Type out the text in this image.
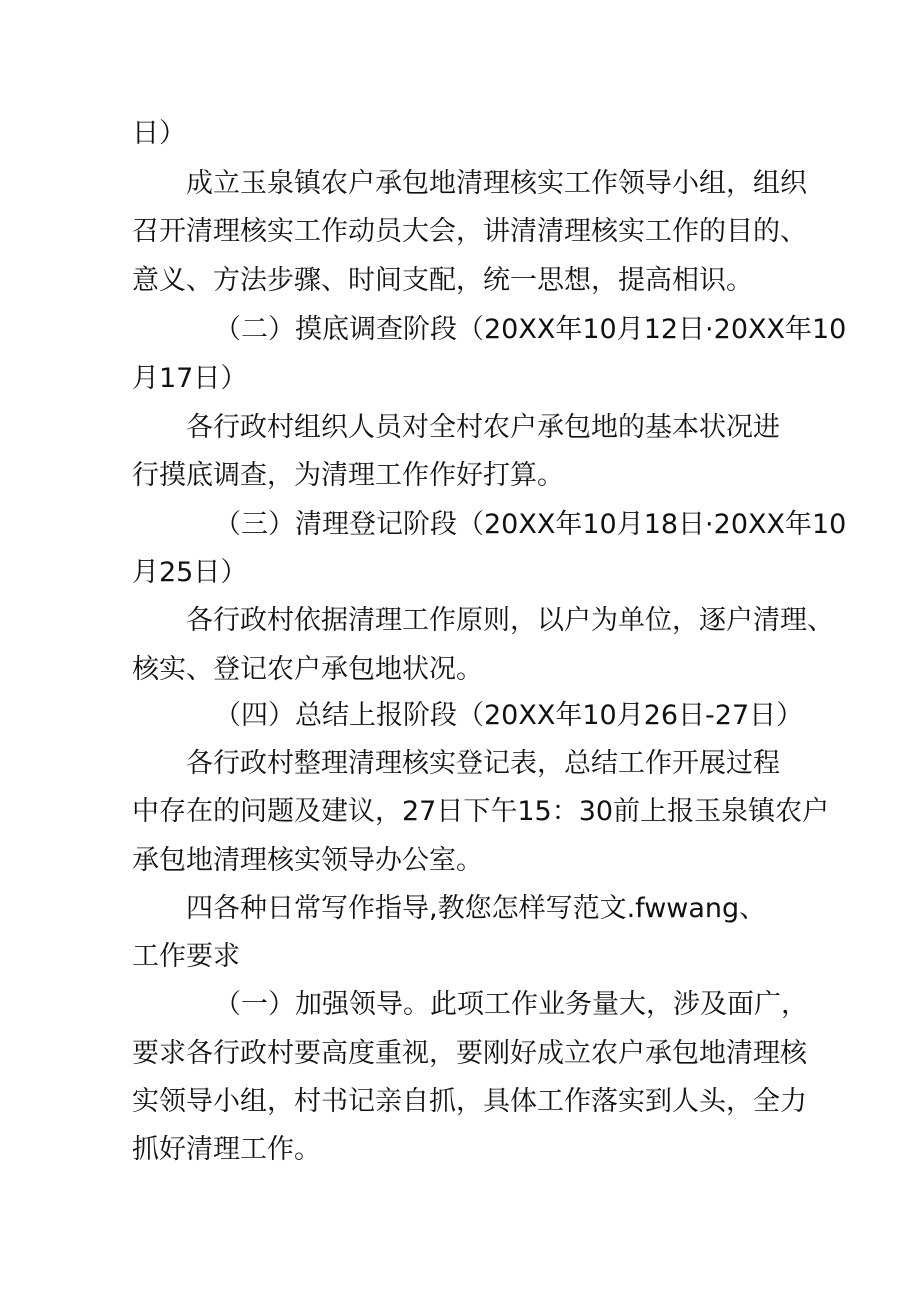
日）
成立玉泉镇农户承包地清理核实工作领导小组，组织
召开清理核实工作动员大会，讲清清理核实工作的目的、
意义、方法步骤、时间支配，统一思想，提高相识。
（二）摸底调查阶段（20XX年10月12日·20XX年10
月17日）
各行政村组织人员对全村农户承包地的基本状况进
行摸底调查，为清理工作作好打算。
（三）清理登记阶段（20XX年10月18日·20XX年10
月25日）
各行政村依据清理工作原则，以户为单位，逐户清理、
核实、登记农户承包地状况。
（四）总结上报阶段（20XX年10月26日-27日）
各行政村整理清理核实登记表，总结工作开展过程
中存在的问题及建议，27日下午15：30前上报玉泉镇农户
承包地清理核实领导办公室。
四各种日常写作指导,教您怎样写范文.fwwang、
工作要求
（一）加强领导。此项工作业务量大，涉及面广，
要求各行政村要高度重视，要刚好成立农户承包地清理核
实领导小组，村书记亲自抓，具体工作落实到人头，全力
抓好清理工作。
